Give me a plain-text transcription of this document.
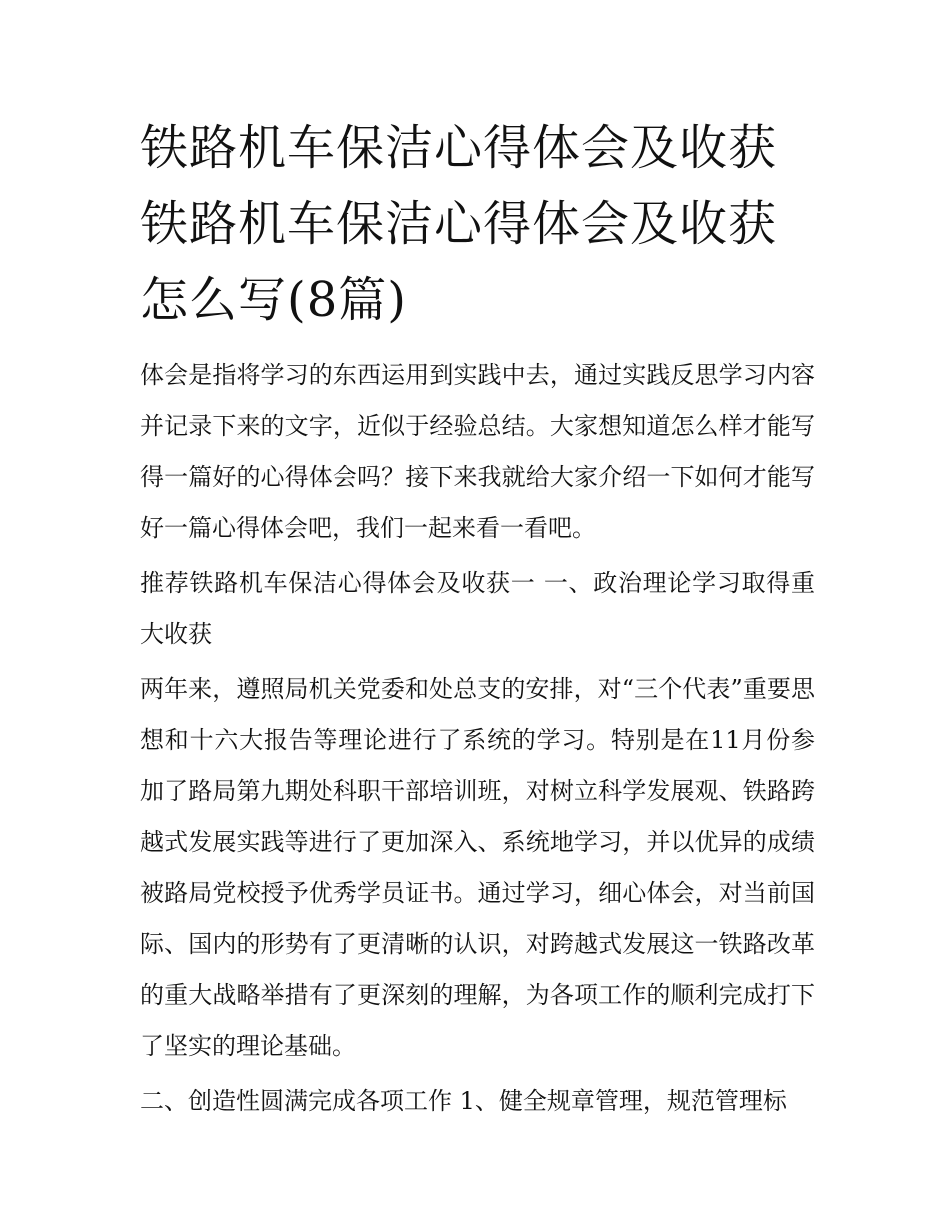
铁路机车保洁心得体会及收获铁路机车保洁心得体会及收获怎么写(8篇)

体会是指将学习的东西运用到实践中去，通过实践反思学习内容并记录下来的文字，近似于经验总结。大家想知道怎么样才能写得一篇好的心得体会吗？接下来我就给大家介绍一下如何才能写好一篇心得体会吧，我们一起来看一看吧。

推荐铁路机车保洁心得体会及收获一 一、政治理论学习取得重大收获

两年来，遵照局机关党委和处总支的安排，对“三个代表”重要思想和十六大报告等理论进行了系统的学习。特别是在11月份参加了路局第九期处科职干部培训班，对树立科学发展观、铁路跨越式发展实践等进行了更加深入、系统地学习，并以优异的成绩被路局党校授予优秀学员证书。通过学习，细心体会，对当前国际、国内的形势有了更清晰的认识，对跨越式发展这一铁路改革的重大战略举措有了更深刻的理解，为各项工作的顺利完成打下了坚实的理论基础。

二、创造性圆满完成各项工作 1、健全规章管理，规范管理标
